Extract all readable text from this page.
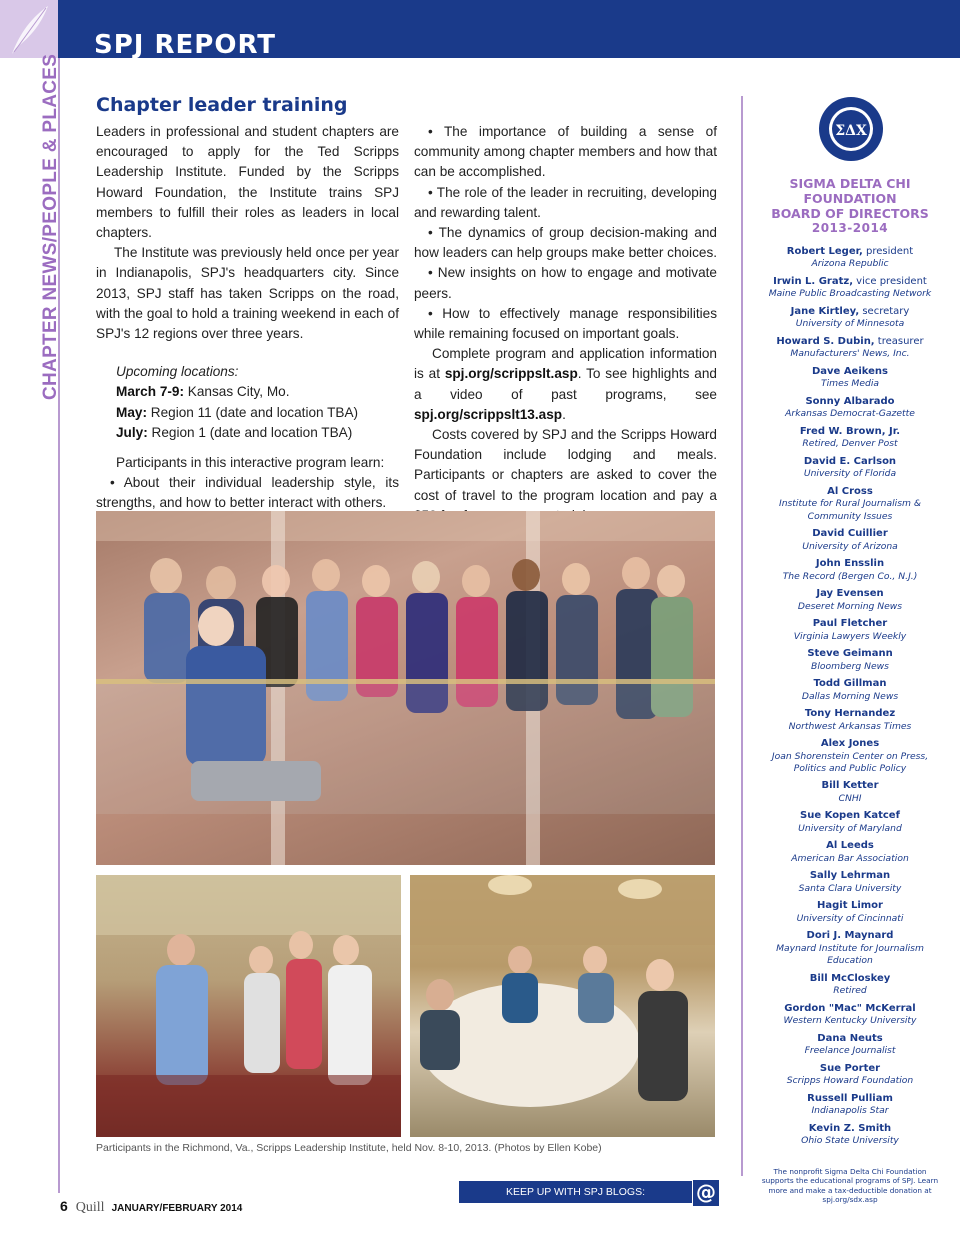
SPJ REPORT
CHAPTER NEWS/PEOPLE & PLACES Chapter leader training

Leaders in professional and student chapters are encouraged to apply for the Ted Scripps Leadership Institute. Funded by the Scripps Howard Foundation, the Institute trains SPJ members to fulfill their roles as leaders in local chapters.

The Institute was previously held once per year in Indianapolis, SPJ's headquarters city. Since 2013, SPJ staff has taken Scripps on the road, with the goal to hold a training weekend in each of SPJ's 12 regions over three years.

Upcoming locations:

March 7-9: Kansas City, Mo.

May: Region 11 (date and location TBA)

July: Region 1 (date and location TBA)

Participants in this interactive program learn:

• About their individual leadership style, its strengths, and how to better interact with others.

• The importance of building a sense of community among chapter members and how that can be accomplished.

• The role of the leader in recruiting, developing and rewarding talent.

• The dynamics of group decision-making and how leaders can help groups make better choices.

• New insights on how to engage and motivate peers.

• How to effectively manage responsibilities while remaining focused on important goals.

Complete program and application information is at spj.org/scrippslt.asp. To see highlights and a video of past programs, see spj.org/scrippslt13.asp.

Costs covered by SPJ and the Scripps Howard Foundation include lodging and meals. Participants or chapters are asked to cover the cost of travel to the program location and pay a

Participants in the Richmond, Va., Scripps Leadership Institute, held Nov. 8-10, 2013. (Photos by Ellen Kobe)
ΣΔΧ
SIGMA DELTA CHI
FOUNDATION
BOARD OF DIRECTORS
2013-2014
Robert Leger, president
Arizona Republic
Irwin L. Gratz, vice president
Maine Public Broadcasting Network
Jane Kirtley, secretary
University of Minnesota
Howard S. Dubin, treasurer
Manufacturers' News, Inc.
Dave Aeikens
Times Media
Sonny Albarado
Arkansas Democrat-Gazette
Fred W. Brown, Jr.
Retired, Denver Post
David E. Carlson
University of Florida
Al Cross
Institute for Rural Journalism & Community Issues
David Cuillier
University of Arizona
John Ensslin
The Record (Bergen Co., N.J.)
Jay Evensen
Deseret Morning News
Paul Fletcher
Virginia Lawyers Weekly
Steve Geimann
Bloomberg News
Todd Gillman
Dallas Morning News
Tony Hernandez
Northwest Arkansas Times
Alex Jones
Joan Shorenstein Center on Press, Politics and Public Policy
Bill Ketter
CNHI
Sue Kopen Katcef
University of Maryland
Al Leeds
American Bar Association
Sally Lehrman
Santa Clara University
Hagit Limor
University of Cincinnati
Dori J. Maynard
Maynard Institute for Journalism Education
Bill McCloskey
Retired
Gordon "Mac" McKerral
Western Kentucky University
Dana Neuts
Freelance Journalist
Sue Porter
Scripps Howard Foundation
Russell Pulliam
Indianapolis Star
Kevin Z. Smith
Ohio State University
The nonprofit Sigma Delta Chi Foundation supports the educational programs of SPJ. Learn more and make a tax-deductible donation at spj.org/sdx.asp
KEEP UP WITH SPJ BLOGS: BLOGS.SPJNETWORK.ORG
@
6 Quill JANUARY/FEBRUARY 2014
